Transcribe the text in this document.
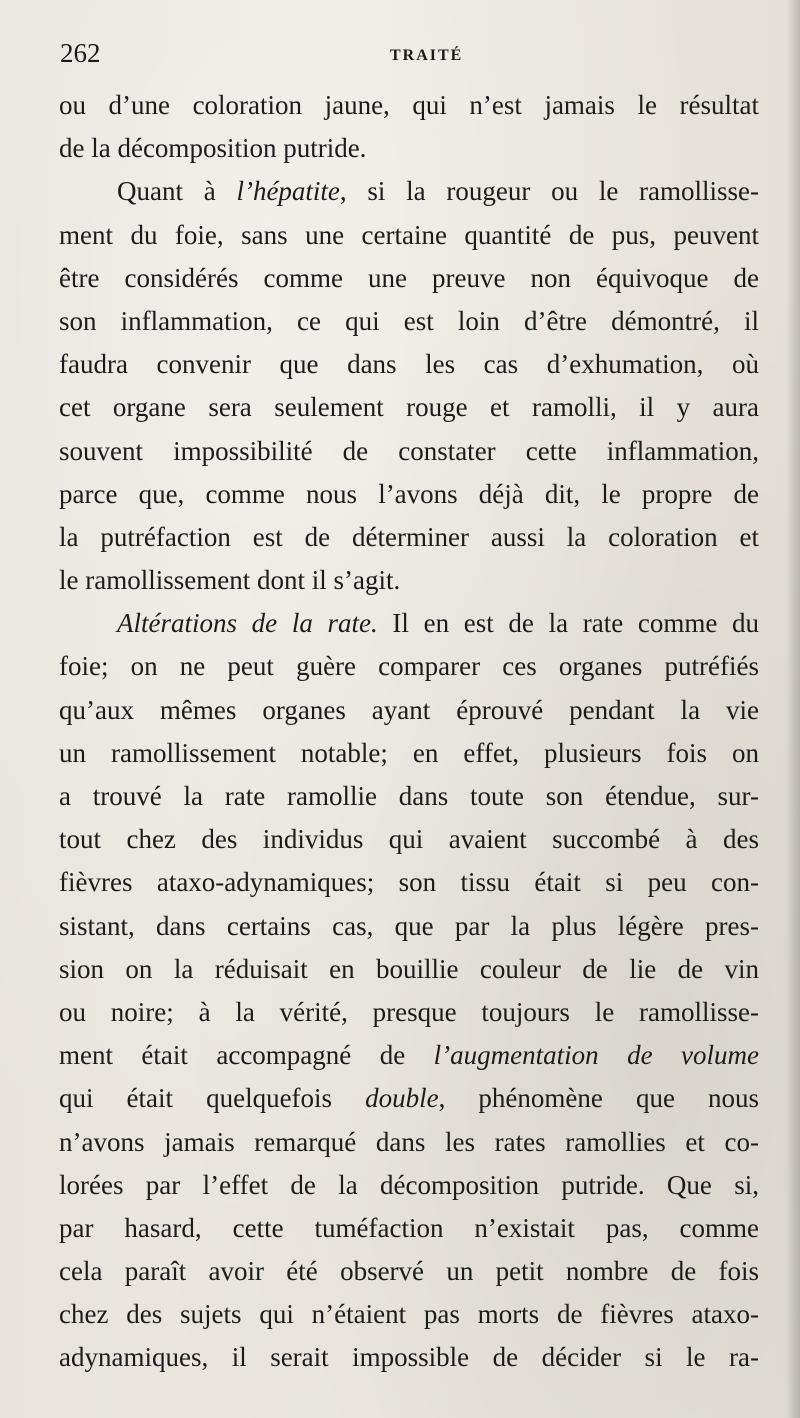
262	TRAITÉ
ou d’une coloration jaune, qui n’est jamais le résultat
de la décomposition putride.
Quant à l’hépatite, si la rougeur ou le ramollisse-
ment du foie, sans une certaine quantité de pus, peuvent
être considérés comme une preuve non équivoque de
son inflammation, ce qui est loin d’être démontré, il
faudra convenir que dans les cas d’exhumation, où
cet organe sera seulement rouge et ramolli, il y aura
souvent impossibilité de constater cette inflammation,
parce que, comme nous l’avons déjà dit, le propre de
la putréfaction est de déterminer aussi la coloration et
le ramollissement dont il s’agit.
Altérations de la rate. Il en est de la rate comme du
foie; on ne peut guère comparer ces organes putréfiés
qu’aux mêmes organes ayant éprouvé pendant la vie
un ramollissement notable; en effet, plusieurs fois on
a trouvé la rate ramollie dans toute son étendue, sur-
tout chez des individus qui avaient succombé à des
fièvres ataxo-adynamiques; son tissu était si peu con-
sistant, dans certains cas, que par la plus légère pres-
sion on la réduisait en bouillie couleur de lie de vin
ou noire; à la vérité, presque toujours le ramollisse-
ment était accompagné de l’augmentation de volume
qui était quelquefois double, phénomène que nous
n’avons jamais remarqué dans les rates ramollies et co-
lorées par l’effet de la décomposition putride. Que si,
par hasard, cette tuméfaction n’existait pas, comme
cela paraît avoir été observé un petit nombre de fois
chez des sujets qui n’étaient pas morts de fièvres ataxo-
adynamiques, il serait impossible de décider si le ra-
